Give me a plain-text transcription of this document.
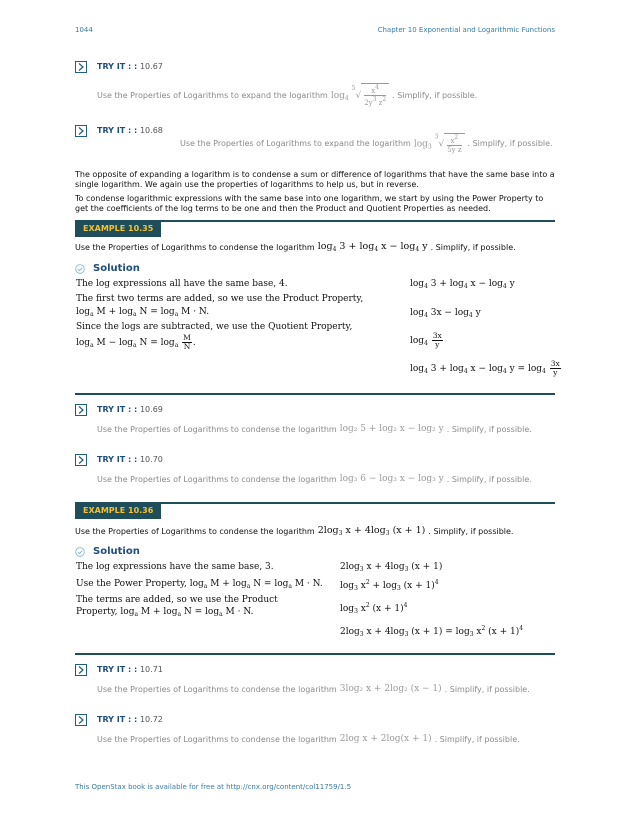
1044	Chapter 10 Exponential and Logarithmic Functions
TRY IT : : 10.67
Use the Properties of Logarithms to expand the logarithm $\log_4 ^5√ \frac{x4}{2y3 z2}$ . Simplify, if possible.
TRY IT : : 10.68
Use the Properties of Logarithms to expand the logarithm $\log_3 ^3√ \frac{x2}{\text{5y z}}$ . Simplify, if possible.
The opposite of expanding a logarithm is to condense a sum or difference of logarithms that have the same base into a single logarithm. We again use the properties of logarithms to help us, but in reverse.
To condense logarithmic expressions with the same base into one logarithm, we start by using the Power Property to get the coefficients of the log terms to be one and then the Product and Quotient Properties as needed.
EXAMPLE 10.35
Use the Properties of Logarithms to condense the logarithm $\log_4 3 + \log_4 x - \log_4 y$ . Simplify, if possible.
Solution
The log expressions all have the same base, 4.
The first two terms are added, so we use the Product Property,
$\log_a M + \log_a N = \log_a M \cdot N$.
Since the logs are subtracted, we use the Quotient Property,
$\log_a M - \log_a N = \log_a \frac{M}{N}$ .
$\log_4 3 + \log_4 x - \log_4 y$
$\log_4 3x - \log_4 y$
$\log_4 \frac{3x}{y}$
$\log_4 3 + \log_4 x - \log_4 y = \log_4 \frac{3x}{y}$
TRY IT : : 10.69
Use the Properties of Logarithms to condense the logarithm log₂ 5 + log₂ x − log₂ y . Simplify, if possible.
TRY IT : : 10.70
Use the Properties of Logarithms to condense the logarithm log₃ 6 − log₃ x − log₃ y . Simplify, if possible.
EXAMPLE 10.36
Use the Properties of Logarithms to condense the logarithm $2\log_3$ $x + 4\log_3$ (x + 1) . Simplify, if possible.
Solution
The log expressions have the same base, 3.
Use the Power Property, $\log_a M + \log_a N = \log_a M \cdot N$.
The terms are added, so we use the Product
Property, $\log_a M + \log_a N = \log_a M \cdot N$.
$2\log_3$ $x + 4\log_3$ (x + 1)
$\log_3 x^2 + \log_3 (x + 1)^4$
$\log_3 x^2$ $(x + 1)^4$
$2\log_3$ $x + 4\log_3$ $(x + 1) = \log_3 x^2$ $(x + 1)^4$
TRY IT : : 10.71
Use the Properties of Logarithms to condense the logarithm 3log₂ x + 2log₂ (x − 1) . Simplify, if possible.
TRY IT : : 10.72
Use the Properties of Logarithms to condense the logarithm 2log x + 2log(x + 1) . Simplify, if possible.
This OpenStax book is available for free at http://cnx.org/content/col11759/1.5
